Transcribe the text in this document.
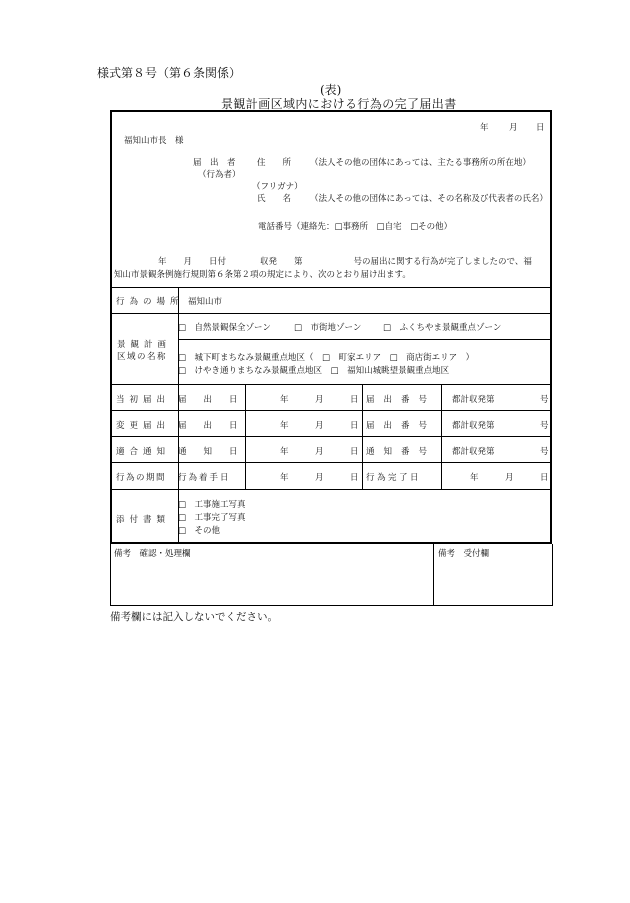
様式第８号（第６条関係）
(表)
景観計画区域内における行為の完了届出書
年 月 日
福知山市長　様
届　出　者
（行為者）
住　　所 （法人その他の団体にあっては、主たる事務所の所在地）
（フリガナ）
氏　　名 （法人その他の団体にあっては、その名称及び代表者の氏名）
電話番号（連絡先：□事務所　□自宅　□その他）
年　　月　　日付　　　　収発　　第　　　　　　号の届出に関する行為が完了しましたので、福
知山市景観条例施行規則第６条第２項の規定により、次のとおり届け出ます。
行為の場所 福知山市
景観計画
区域の名称
□　自然景観保全ゾーン	□　市街地ゾーン	□　ふくちやま景観重点ゾーン
□　城下町まちなみ景観重点地区（　□　町家エリア　□　商店街エリア　）
□　けやき通りまちなみ景観重点地区　□　福知山城眺望景観重点地区
当初届出 届　　出　　日	年	月	日 届出番号 都計収発第	号
変更届出 届　　出　　日	年	月	日 届出番号 都計収発第	号
適合通知 通　　知　　日	年	月	日 通知番号 都計収発第	号
行為の期間 行為着手日	年	月	日 行為完了日	年	月	日
添付書類
□　工事施工写真
□　工事完了写真
□　その他
備考　確認・処理欄	備考　受付欄
備考欄には記入しないでください。
